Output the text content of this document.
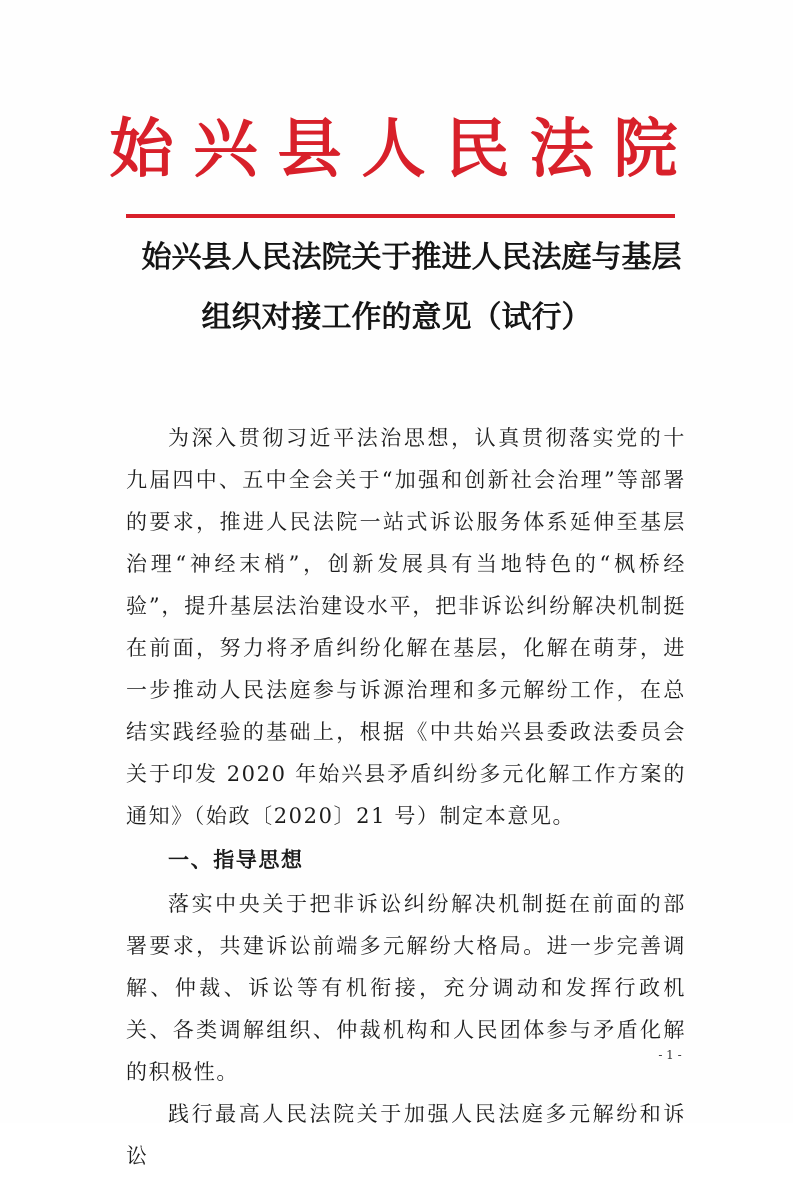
始兴县人民法院
始兴县人民法院关于推进人民法庭与基层
组织对接工作的意见（试行）

为深入贯彻习近平法治思想，认真贯彻落实党的十九届四中、五中全会关于“加强和创新社会治理”等部署的要求，推进人民法院一站式诉讼服务体系延伸至基层治理“神经末梢”，创新发展具有当地特色的“枫桥经验”，提升基层法治建设水平，把非诉讼纠纷解决机制挺在前面，努力将矛盾纠纷化解在基层，化解在萌芽，进一步推动人民法庭参与诉源治理和多元解纷工作，在总结实践经验的基础上，根据《中共始兴县委政法委员会关于印发 2020 年始兴县矛盾纠纷多元化解工作方案的通知》（始政〔2020〕21 号）制定本意见。

一、指导思想

落实中央关于把非诉讼纠纷解决机制挺在前面的部署要求，共建诉讼前端多元解纷大格局。进一步完善调解、仲裁、诉讼等有机衔接，充分调动和发挥行政机关、各类调解组织、仲裁机构和人民团体参与矛盾化解的积极性。

践行最高人民法院关于加强人民法庭多元解纷和诉讼

- 1 -
